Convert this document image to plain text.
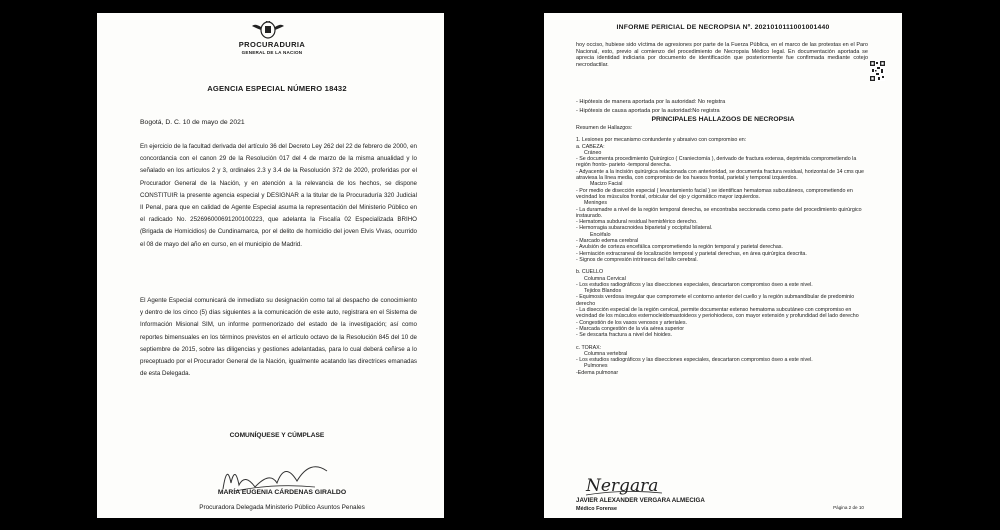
PROCURADURIA
GENERAL DE LA NACION
AGENCIA ESPECIAL NÚMERO 18432
Bogotá, D. C. 10 de mayo de 2021
En ejercicio de la facultad derivada del artículo 36 del Decreto Ley 262 del 22 de febrero de 2000, en concordancia con el canon 29 de la Resolución 017 del 4 de marzo de la misma anualidad y lo señalado en los artículos 2 y 3, ordinales 2.3 y 3.4 de la Resolución 372 de 2020, proferidas por el Procurador General de la Nación, y en atención a la relevancia de los hechos, se dispone CONSTITUIR la presente agencia especial y DESIGNAR a la titular de la Procuraduría 320 Judicial II Penal, para que en calidad de Agente Especial asuma la representación del Ministerio Público en el radicado No. 252696000691200100223, que adelanta la Fiscalía 02 Especializada BRIHO (Brigada de Homicidios) de Cundinamarca, por el delito de homicidio del joven Elvis Vivas, ocurrido el 08 de mayo del año en curso, en el municipio de Madrid.
El Agente Especial comunicará de inmediato su designación como tal al despacho de conocimiento y dentro de los cinco (5) días siguientes a la comunicación de este auto, registrara en el Sistema de Información Misional SIM, un informe pormenorizado del estado de la investigación; así como reportes bimensuales en los términos previstos en el artículo octavo de la Resolución 845 del 10 de septiembre de 2015, sobre las diligencias y gestiones adelantadas, para lo cual deberá ceñirse a lo preceptuado por el Procurador General de la Nación, igualmente acatando las directrices emanadas de esta Delegada.
COMUNÍQUESE Y CÚMPLASE
MARÍA EUGENIA CÁRDENAS GIRALDO
Procuradora Delegada Ministerio Público Asuntos Penales
INFORME PERICIAL DE NECROPSIA Nº. 2021010111001001440
hoy occiso, hubiese sido víctima de agresiones por parte de la Fuerza Pública, en el marco de las protestas en el Paro Nacional, esto, previo al comienzo del procedimiento de Necropsia Médico legal. En documentación aportada se aprecia identidad indiciaria por documento de identificación que posteriormente fue confirmada mediante cotejo necrodactilar.
- Hipótesis de manera aportada por la autoridad: No registra
- Hipótesis de causa aportada por la autoridad:No registra
PRINCIPALES HALLAZGOS DE NECROPSIA
Resumen de Hallazgos:
1. Lesiones por mecanismo contundente y abrasivo con compromiso en:
a. CABEZA:
Cráneo
- Se documenta procedimiento Quirúrgico ( Craniectomía ), derivado de fractura extensa, deprimida comprometiendo la región fronto- parieto -temporal derecha.
- Adyacente a la incisión quirúrgica relacionada con anterioridad, se documenta fractura residual, horizontal de 14 cms que atraviesa la línea media, con compromiso de los huesos frontal, parietal y temporal izquierdos.
Macizo Facial
- Por medio de disección especial ( levantamiento facial ) se identifican hematomas subcutáneos, comprometiendo en vecindad los músculos frontal, orbicular del ojo y cigomático mayor izquierdos.
Meninges
- La duramadre a nivel de la región temporal derecha, se encontraba seccionada como parte del procedimiento quirúrgico instaurado.
- Hematoma subdural residual hemisférico derecho.
- Hemorragia subaracnoidea biparietal y occipital bilateral.
Encéfalo
- Marcado edema cerebral
- Avulsión de corteza encefálica comprometiendo la región temporal y parietal derechas.
- Herniación extracraneal de localización temporal y parietal derechas, en área quirúrgica descrita.
- Signos de compresión intrínseca del tallo cerebral.
b. CUELLO
Columna Cervical
- Los estudios radiográficos y las disecciones especiales, descartaron compromiso óseo a este nivel.
Tejidos Blandos
- Equimosis verdosa irregular que compromete el contorno anterior del cuello y la región submandibular de predominio derecho
- La disección especial de la región cervical, permite documentar extenso hematoma subcutáneo con compromiso en vecindad de los músculos esternocleidomastoideos y periohiodeos, con mayor extensión y profundidad del lado derecho
- Congestión de los vasos venosos y arteriales.
- Marcada congestión de la vía aérea superior
- Se descarta fractura a nivel del hioides.
c. TORAX:
Columna vertebral
- Los estudios radiográficos y las disecciones especiales, descartaron compromiso óseo a este nivel.
Pulmones
-Edema pulmonar
Nergara
JAVIER ALEXANDER VERGARA ALMECIGA
Médico Forense	Página 2 de 10
